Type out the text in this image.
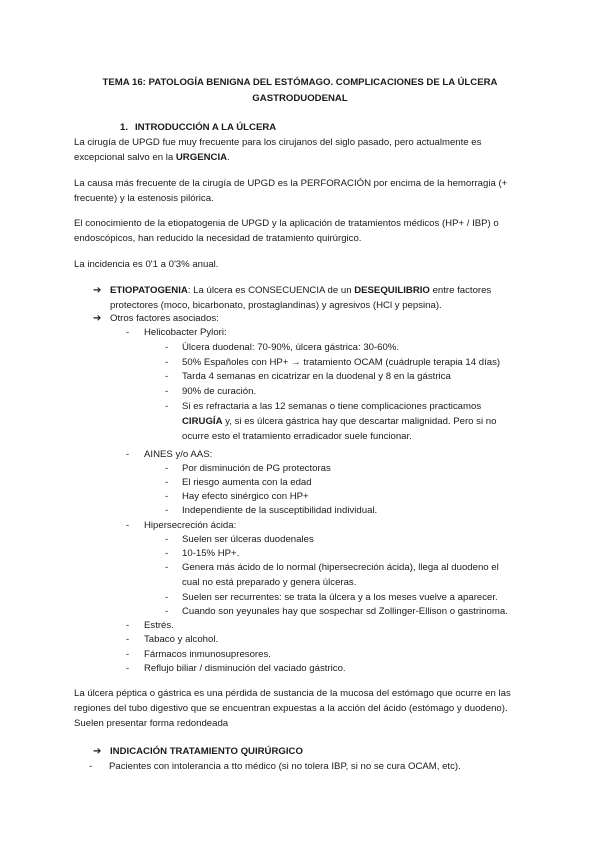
TEMA 16: PATOLOGÍA BENIGNA DEL ESTÓMAGO. COMPLICACIONES DE LA ÚLCERA
GASTRODUODENAL
1. INTRODUCCIÓN A LA ÚLCERA
La cirugía de UPGD fue muy frecuente para los cirujanos del siglo pasado, pero actualmente es
excepcional salvo en la URGENCIA.
La causa más frecuente de la cirugía de UPGD es la PERFORACIÓN por encima de la hemorragia (+
frecuente) y la estenosis pilórica.
El conocimiento de la etiopatogenia de UPGD y la aplicación de tratamientos médicos (HP+ / IBP) o
endoscópicos, han reducido la necesidad de tratamiento quirúrgico.
La incidencia es 0'1 a 0'3% anual.
➔ ETIOPATOGENIA: La úlcera es CONSECUENCIA de un DESEQUILIBRIO entre factores
protectores (moco, bicarbonato, prostaglandinas) y agresivos (HCl y pepsina).
➔ Otros factores asociados:
- Helicobacter Pylori:
- Úlcera duodenal: 70-90%, úlcera gástrica: 30-60%.
- 50% Españoles con HP+ → tratamiento OCAM (cuádruple terapia 14 días)
- Tarda 4 semanas en cicatrizar en la duodenal y 8 en la gástrica
- 90% de curación.
- Si es refractaria a las 12 semanas o tiene complicaciones practicamos
CIRUGÍA y, si es úlcera gástrica hay que descartar malignidad. Pero si no
ocurre esto el tratamiento erradicador suele funcionar.
- AINES y/o AAS:
- Por disminución de PG protectoras
- El riesgo aumenta con la edad
- Hay efecto sinérgico con HP+
- Independiente de la susceptibilidad individual.
- Hipersecreción ácida:
- Suelen ser úlceras duodenales
- 10-15% HP+.
- Genera más ácido de lo normal (hipersecreción ácida), llega al duodeno el
cual no está preparado y genera úlceras.
- Suelen ser recurrentes: se trata la úlcera y a los meses vuelve a aparecer.
- Cuando son yeyunales hay que sospechar sd Zollinger-Ellison o gastrinoma.
- Estrés.
- Tabaco y alcohol.
- Fármacos inmunosupresores.
- Reflujo biliar / disminución del vaciado gástrico.
La úlcera péptica o gástrica es una pérdida de sustancia de la mucosa del estómago que ocurre en las
regiones del tubo digestivo que se encuentran expuestas a la acción del ácido (estómago y duodeno).
Suelen presentar forma redondeada
➔ INDICACIÓN TRATAMIENTO QUIRÚRGICO
- Pacientes con intolerancia a tto médico (si no tolera IBP, si no se cura OCAM, etc).
